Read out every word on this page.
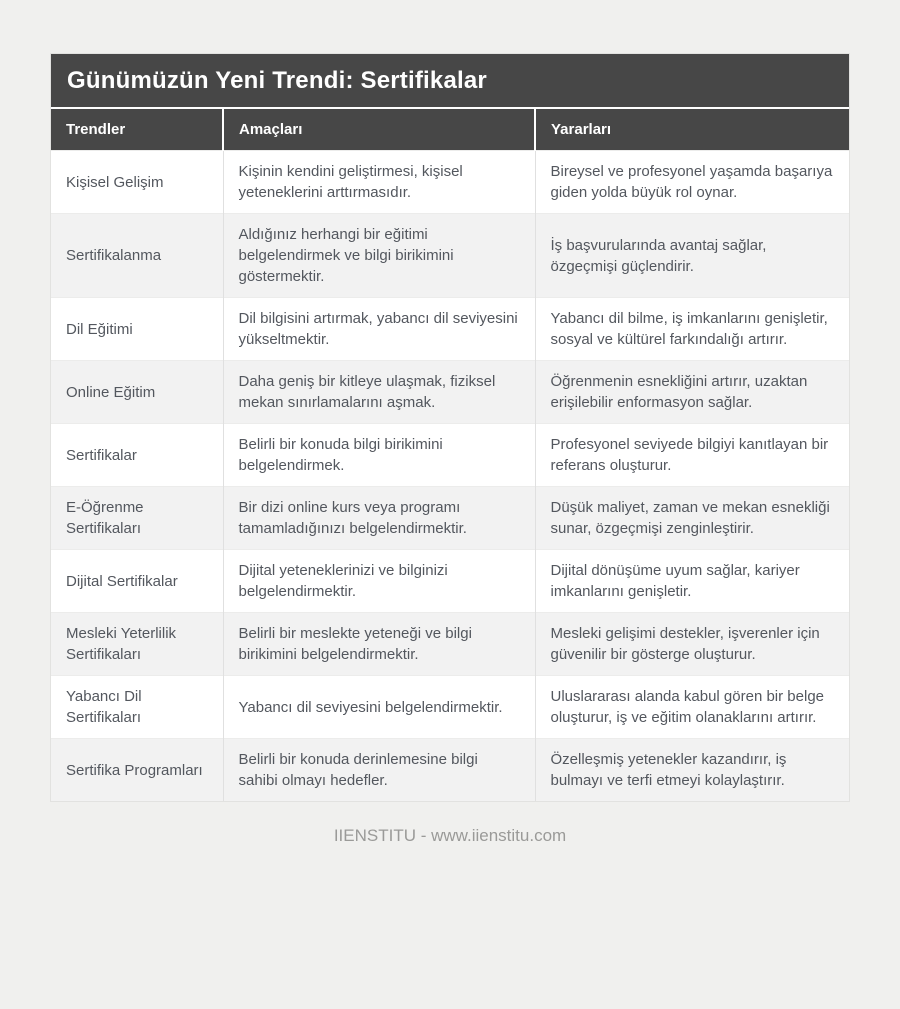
Günümüzün Yeni Trendi: Sertifikalar
Trendler	Amaçları	Yararları
Kişisel Gelişim	Kişinin kendini geliştirmesi, kişisel yeteneklerini arttırmasıdır.	Bireysel ve profesyonel yaşamda başarıya giden yolda büyük rol oynar.
Sertifikalanma	Aldığınız herhangi bir eğitimi belgelendirmek ve bilgi birikimini göstermektir.	İş başvurularında avantaj sağlar, özgeçmişi güçlendirir.
Dil Eğitimi	Dil bilgisini artırmak, yabancı dil seviyesini yükseltmektir.	Yabancı dil bilme, iş imkanlarını genişletir, sosyal ve kültürel farkındalığı artırır.
Online Eğitim	Daha geniş bir kitleye ulaşmak, fiziksel mekan sınırlamalarını aşmak.	Öğrenmenin esnekliğini artırır, uzaktan erişilebilir enformasyon sağlar.
Sertifikalar	Belirli bir konuda bilgi birikimini belgelendirmek.	Profesyonel seviyede bilgiyi kanıtlayan bir referans oluşturur.
E-Öğrenme Sertifikaları	Bir dizi online kurs veya programı tamamladığınızı belgelendirmektir.	Düşük maliyet, zaman ve mekan esnekliği sunar, özgeçmişi zenginleştirir.
Dijital Sertifikalar	Dijital yeteneklerinizi ve bilginizi belgelendirmektir.	Dijital dönüşüme uyum sağlar, kariyer imkanlarını genişletir.
Mesleki Yeterlilik Sertifikaları	Belirli bir meslekte yeteneği ve bilgi birikimini belgelendirmektir.	Mesleki gelişimi destekler, işverenler için güvenilir bir gösterge oluşturur.
Yabancı Dil Sertifikaları	Yabancı dil seviyesini belgelendirmektir.	Uluslararası alanda kabul gören bir belge oluşturur, iş ve eğitim olanaklarını artırır.
Sertifika Programları	Belirli bir konuda derinlemesine bilgi sahibi olmayı hedefler.	Özelleşmiş yetenekler kazandırır, iş bulmayı ve terfi etmeyi kolaylaştırır.
IIENSTITU - www.iienstitu.com
